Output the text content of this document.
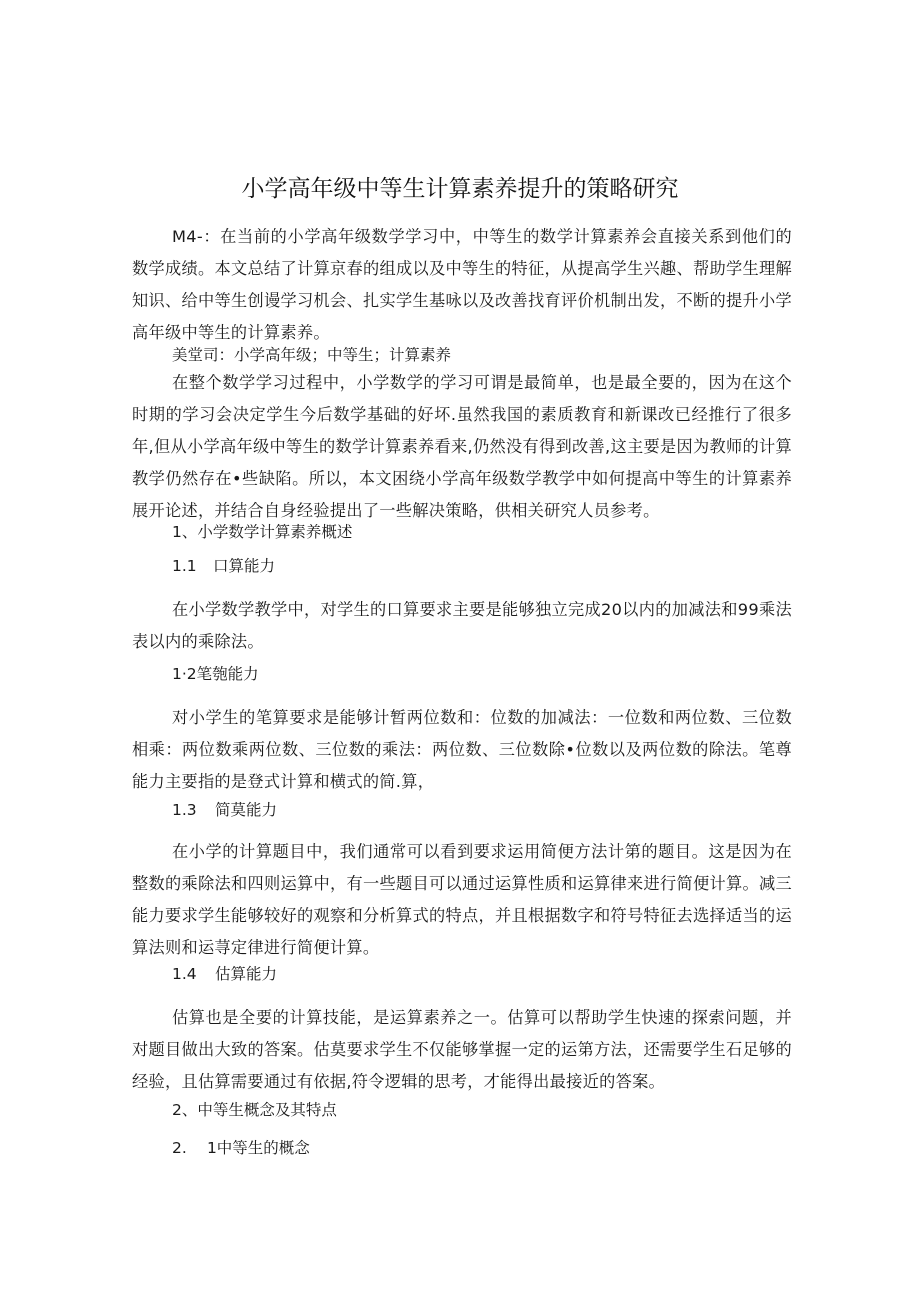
小学高年级中等生计算素养提升的策略研究

M4-：在当前的小学高年级数学学习中，中等生的数学计算素养会直接关系到他们的数学成绩。本文总结了计算京春的组成以及中等生的特征，从提高学生兴趣、帮助学生理解知识、给中等生创谩学习机会、扎实学生基咏以及改善找育评价机制出发，不断的提升小学高年级中等生的计算素养。

美堂司：小学高年级；中等生；计算素养

在整个数学学习过程中，小学数学的学习可谓是最简单，也是最全要的，因为在这个时期的学习会决定学生今后数学基础的好坏.虽然我国的素质教育和新课改已经推行了很多年,但从小学高年级中等生的数学计算素养看来,仍然没有得到改善,这主要是因为教师的计算教学仍然存在•些缺陷。所以，本文困绕小学高年级数学教学中如何提高中等生的计算素养展开论述，并结合自身经验提出了一些解决策略，供相关研究人员参考。

1、小学数学计算素养概述

1.1 口算能力

在小学数学教学中，对学生的口算要求主要是能够独立完成20以内的加减法和99乘法表以内的乘除法。

1·2笔匏能力

对小学生的笔算要求是能够计暂两位数和：位数的加减法：一位数和两位数、三位数相乘：两位数乘两位数、三位数的乘法：两位数、三位数除•位数以及两位数的除法。笔尊能力主要指的是登式计算和横式的简.算，

1.3 简莫能力

在小学的计算题目中，我们通常可以看到要求运用简便方法计第的题目。这是因为在整数的乘除法和四则运算中，有一些题目可以通过运算性质和运算律来进行简便计算。减三能力要求学生能够较好的观察和分析算式的特点，并且根据数字和符号特征去选择适当的运算法则和运荨定律进行简便计算。

1.4 估算能力

估算也是全要的计算技能，是运算素养之一。估算可以帮助学生快速的探索问题，并对题目做出大致的答案。估莫要求学生不仅能够掌握一定的运第方法，还需要学生石足够的经验，且估算需要通过有依据,符令逻辑的思考，才能得出最接近的答案。

2、中等生概念及其特点

2. 1中等生的概念
